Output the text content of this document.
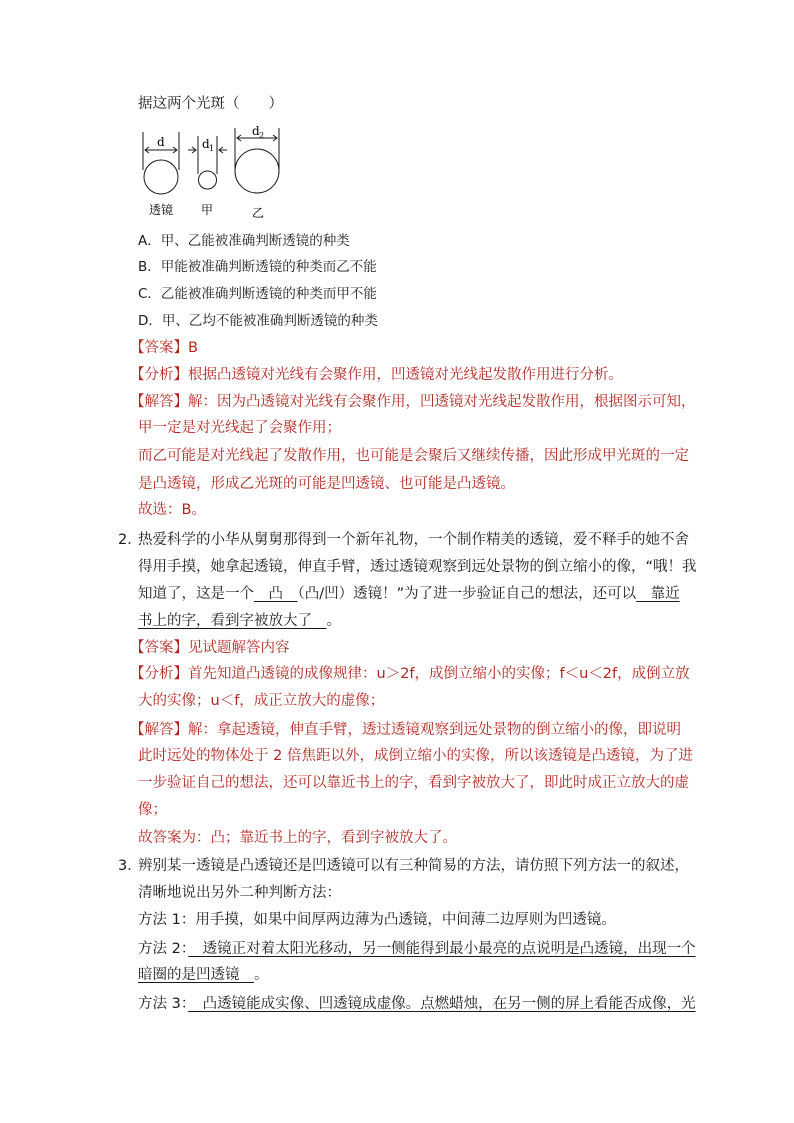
据这两个光斑（　　）
d	d 1
d 2
透镜 甲	乙
A．甲、乙能被准确判断透镜的种类
B．甲能被准确判断透镜的种类而乙不能
C．乙能被准确判断透镜的种类而甲不能
D．甲、乙均不能被准确判断透镜的种类
【答案】B
【分析】根据凸透镜对光线有会聚作用，凹透镜对光线起发散作用进行分析。
【解答】解：因为凸透镜对光线有会聚作用，凹透镜对光线起发散作用，根据图示可知，
甲一定是对光线起了会聚作用；
而乙可能是对光线起了发散作用，也可能是会聚后又继续传播，因此形成甲光斑的一定
是凸透镜，形成乙光斑的可能是凹透镜、也可能是凸透镜。
故选：B。
2．
热爱科学的小华从舅舅那得到一个新年礼物，一个制作精美的透镜，爱不释手的她不舍
得用手摸，她拿起透镜，伸直手臂，透过透镜观察到远处景物的倒立缩小的像，“哦！我
知道了，这是一个　凸　（凸/凹）透镜！”为了进一步验证自己的想法，还可以　靠近
书上的字，看到字被放大了　。
【答案】见试题解答内容
【分析】首先知道凸透镜的成像规律：u＞2f，成倒立缩小的实像；f＜u＜2f，成倒立放
大的实像；u＜f，成正立放大的虚像；
【解答】解：拿起透镜，伸直手臂，透过透镜观察到远处景物的倒立缩小的像，即说明
此时远处的物体处于 2 倍焦距以外，成倒立缩小的实像，所以该透镜是凸透镜，为了进
一步验证自己的想法，还可以靠近书上的字，看到字被放大了，即此时成正立放大的虚
像；
故答案为：凸；靠近书上的字，看到字被放大了。
3．
辨别某一透镜是凸透镜还是凹透镜可以有三种简易的方法，请仿照下列方法一的叙述，
清晰地说出另外二种判断方法：
方法 1：用手摸，如果中间厚两边薄为凸透镜，中间薄二边厚则为凹透镜。
方法 2：　透镜正对着太阳光移动，另一侧能得到最小最亮的点说明是凸透镜，出现一个
暗圈的是凹透镜　。
方法 3：　凸透镜能成实像、凹透镜成虚像。点燃蜡烛，在另一侧的屏上看能否成像，光
